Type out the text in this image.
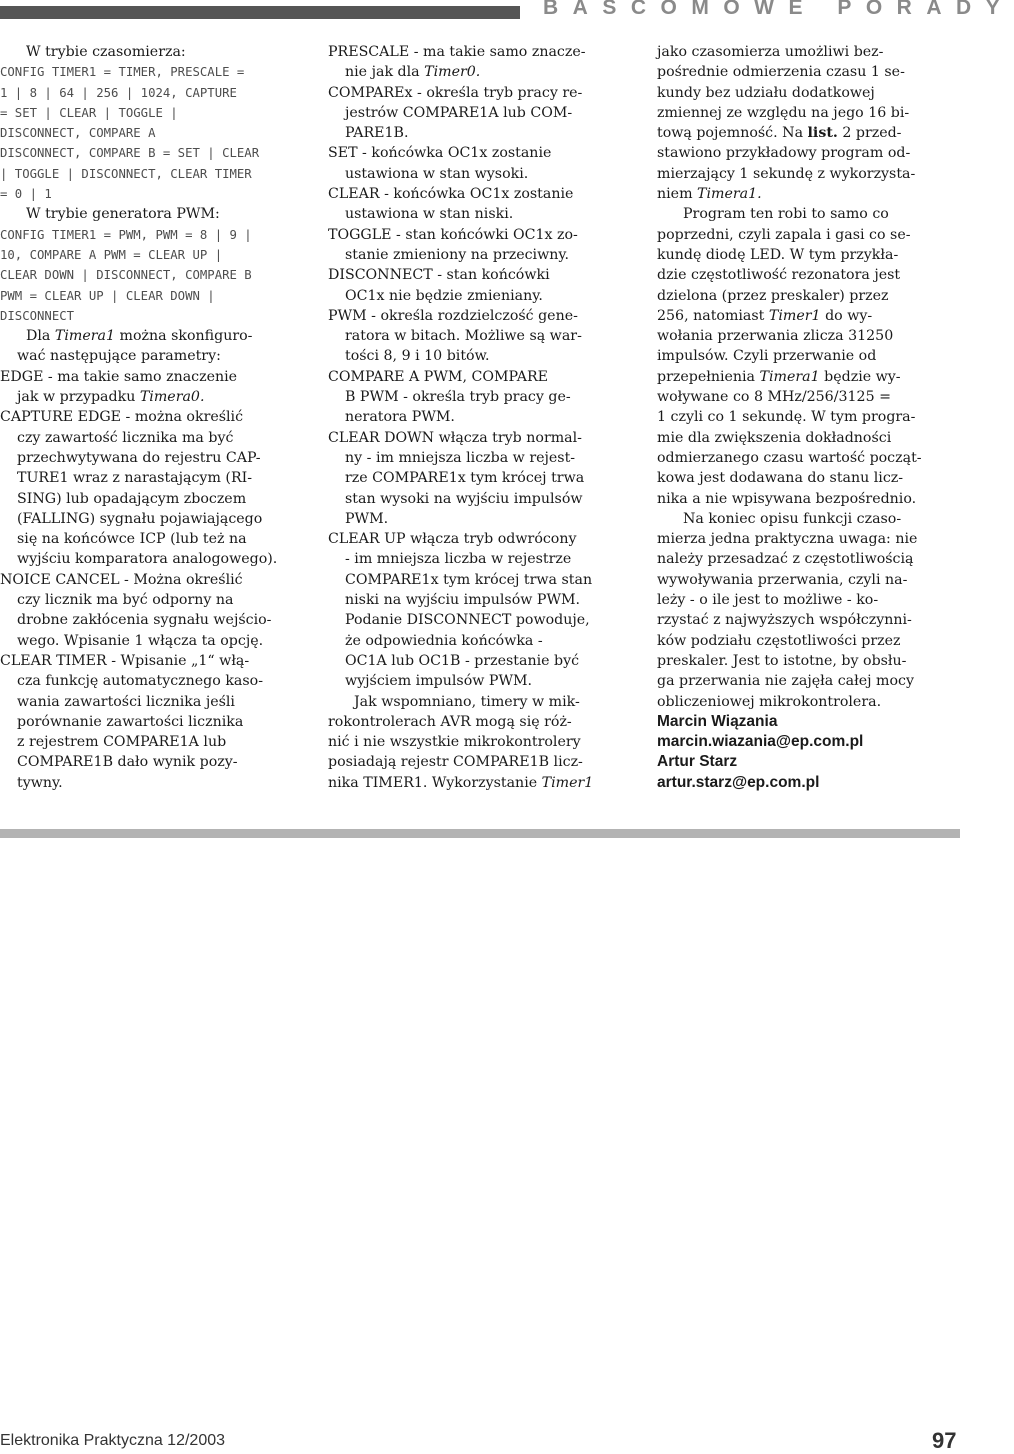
BASCOMOWE PORADY
W trybie czasomierza:
CONFIG TIMER1 = TIMER, PRESCALE =
1 | 8 | 64 | 256 | 1024, CAPTURE
= SET | CLEAR | TOGGLE |
DISCONNECT, COMPARE A
DISCONNECT, COMPARE B = SET | CLEAR
| TOGGLE | DISCONNECT, CLEAR TIMER
= 0 | 1
W trybie generatora PWM:
CONFIG TIMER1 = PWM, PWM = 8 | 9 |
10, COMPARE A PWM = CLEAR UP |
CLEAR DOWN | DISCONNECT, COMPARE B
PWM = CLEAR UP | CLEAR DOWN |
DISCONNECT
Dla Timera1 można skonfiguro-
wać następujące parametry:
EDGE - ma takie samo znaczenie
jak w przypadku Timera0.
CAPTURE EDGE - można określić
czy zawartość licznika ma być
przechwytywana do rejestru CAP-
TURE1 wraz z narastającym (RI-
SING) lub opadającym zboczem
(FALLING) sygnału pojawiającego
się na końcówce ICP (lub też na
wyjściu komparatora analogowego).
NOICE CANCEL - Można określić
czy licznik ma być odporny na
drobne zakłócenia sygnału wejścio-
wego. Wpisanie 1 włącza ta opcję.
CLEAR TIMER - Wpisanie „1“ włą-
cza funkcję automatycznego kaso-
wania zawartości licznika jeśli
porównanie zawartości licznika
z rejestrem COMPARE1A lub
COMPARE1B dało wynik pozy-
tywny.
PRESCALE - ma takie samo znacze-
nie jak dla Timer0.
COMPAREx - określa tryb pracy re-
jestrów COMPARE1A lub COM-
PARE1B.
SET - końcówka OC1x zostanie
ustawiona w stan wysoki.
CLEAR - końcówka OC1x zostanie
ustawiona w stan niski.
TOGGLE - stan końcówki OC1x zo-
stanie zmieniony na przeciwny.
DISCONNECT - stan końcówki
OC1x nie będzie zmieniany.
PWM - określa rozdzielczość gene-
ratora w bitach. Możliwe są war-
tości 8, 9 i 10 bitów.
COMPARE A PWM, COMPARE
B PWM - określa tryb pracy ge-
neratora PWM.
CLEAR DOWN włącza tryb normal-
ny - im mniejsza liczba w rejest-
rze COMPARE1x tym krócej trwa
stan wysoki na wyjściu impulsów
PWM.
CLEAR UP włącza tryb odwrócony
- im mniejsza liczba w rejestrze
COMPARE1x tym krócej trwa stan
niski na wyjściu impulsów PWM.
Podanie DISCONNECT powoduje,
że odpowiednia końcówka -
OC1A lub OC1B - przestanie być
wyjściem impulsów PWM.
Jak wspomniano, timery w mik-
rokontrolerach AVR mogą się róż-
nić i nie wszystkie mikrokontrolery
posiadają rejestr COMPARE1B licz-
nika TIMER1. Wykorzystanie Timer1
jako czasomierza umożliwi bez-
pośrednie odmierzenia czasu 1 se-
kundy bez udziału dodatkowej
zmiennej ze względu na jego 16 bi-
tową pojemność. Na list. 2 przed-
stawiono przykładowy program od-
mierzający 1 sekundę z wykorzysta-
niem Timera1.
Program ten robi to samo co
poprzedni, czyli zapala i gasi co se-
kundę diodę LED. W tym przykła-
dzie częstotliwość rezonatora jest
dzielona (przez preskaler) przez
256, natomiast Timer1 do wy-
wołania przerwania zlicza 31250
impulsów. Czyli przerwanie od
przepełnienia Timera1 będzie wy-
woływane co 8 MHz/256/3125 =
1 czyli co 1 sekundę. W tym progra-
mie dla zwiększenia dokładności
odmierzanego czasu wartość począt-
kowa jest dodawana do stanu licz-
nika a nie wpisywana bezpośrednio.
Na koniec opisu funkcji czaso-
mierza jedna praktyczna uwaga: nie
należy przesadzać z częstotliwością
wywoływania przerwania, czyli na-
leży - o ile jest to możliwe - ko-
rzystać z najwyższych współczynni-
ków podziału częstotliwości przez
preskaler. Jest to istotne, by obsłu-
ga przerwania nie zajęła całej mocy
obliczeniowej mikrokontrolera.
Marcin Wiązania
marcin.wiazania@ep.com.pl
Artur Starz
artur.starz@ep.com.pl
Elektronika Praktyczna 12/2003	97
